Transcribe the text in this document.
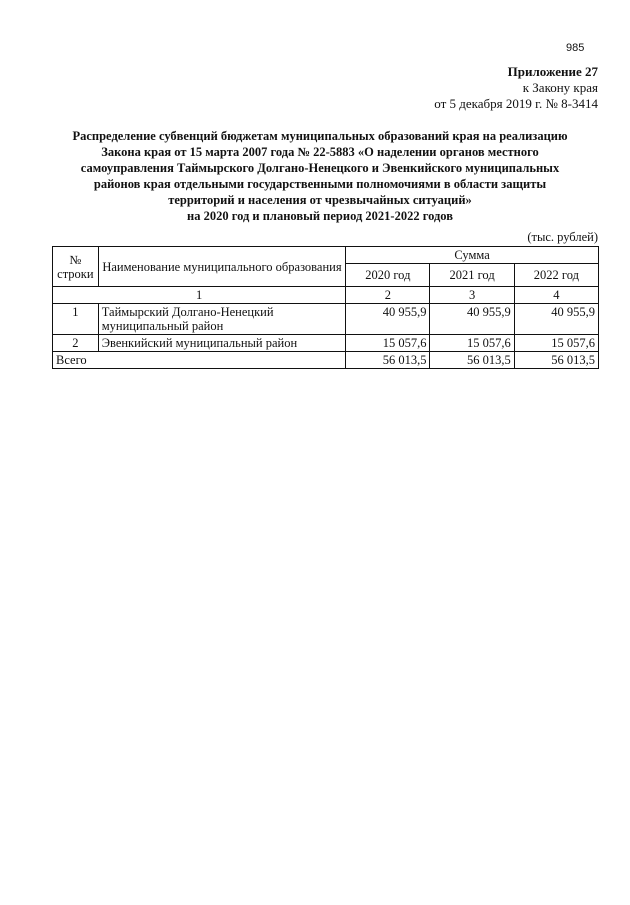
985
Приложение 27
к Закону края
от 5 декабря 2019 г. № 8-3414
Распределение субвенций бюджетам муниципальных образований края на реализацию
Закона края от 15 марта 2007 года № 22-5883 «О наделении органов местного
самоуправления Таймырского Долгано-Ненецкого и Эвенкийского муниципальных
районов края отдельными государственными полномочиями в области защиты
территорий и населения от чрезвычайных ситуаций»
на 2020 год и плановый период 2021-2022 годов
(тыс. рублей)
№
строки	Наименование муниципального образования	Сумма		
		2020 год	2021 год	2022 год
1		2	3	4
1	Таймырский Долгано-Ненецкий
муниципальный район	40 955,9	40 955,9	40 955,9
2	Эвенкийский муниципальный район	15 057,6	15 057,6	15 057,6
Всего		56 013,5	56 013,5	56 013,5
